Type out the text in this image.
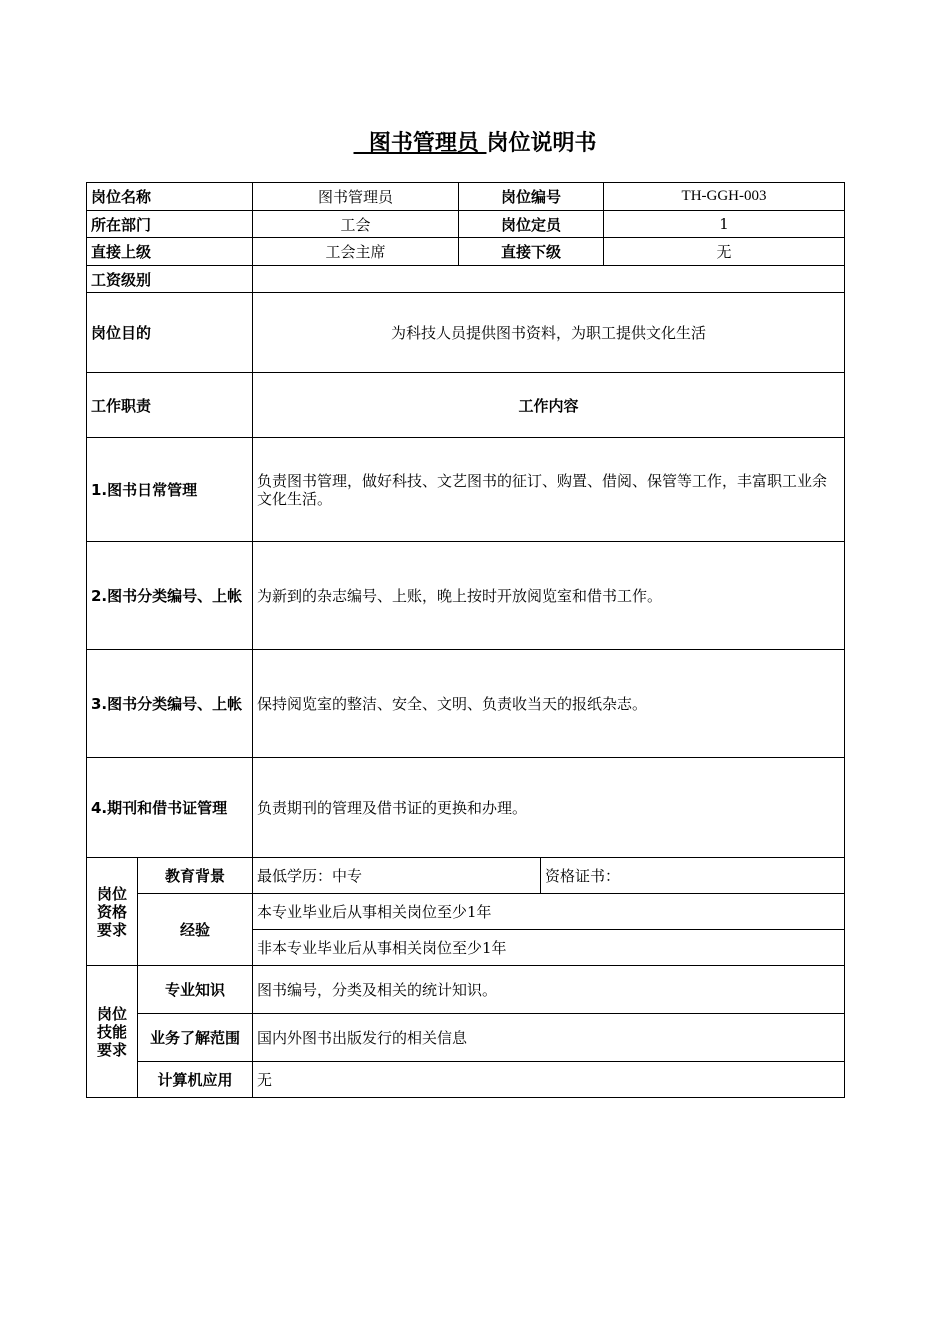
图书管理员 岗位说明书
岗位名称		图书管理员	岗位编号		TH-GGH-003
所在部门		工会	岗位定员		1
直接上级		工会主席	直接下级		无
工资级别					
岗位目的		为科技人员提供图书资料，为职工提供文化生活			
工作职责		工作内容			
1.图书日常管理		负责图书管理，做好科技、文艺图书的征订、购置、借阅、保管等工作，丰富职工业余文化生活。			
2.图书分类编号、上帐		为新到的杂志编号、上账，晚上按时开放阅览室和借书工作。			
3.图书分类编号、上帐		保持阅览室的整洁、安全、文明、负责收当天的报纸杂志。			
4.期刊和借书证管理		负责期刊的管理及借书证的更换和办理。			
岗位
资格
要求	教育背景	最低学历：中专		资格证书：	
	经验	本专业毕业后从事相关岗位至少1年			
		非本专业毕业后从事相关岗位至少1年			
岗位
技能
要求	专业知识	图书编号，分类及相关的统计知识。			
	业务了解范围	国内外图书出版发行的相关信息			
	计算机应用	无			
